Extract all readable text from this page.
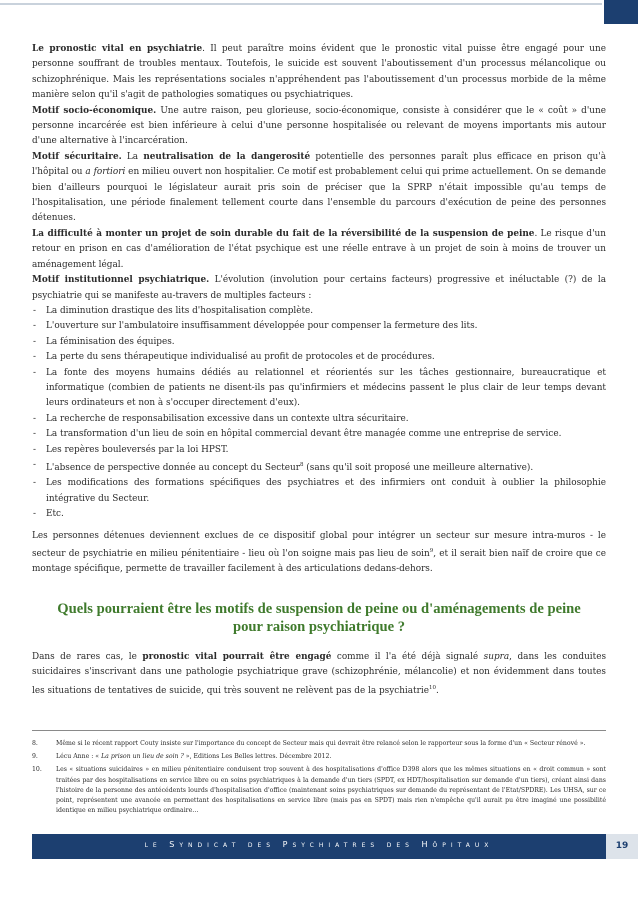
Le pronostic vital en psychiatrie. Il peut paraître moins évident que le pronostic vital puisse être engagé pour une personne souffrant de troubles mentaux. Toutefois, le suicide est souvent l'aboutissement d'un processus mélancolique ou schizophrénique. Mais les représentations sociales n'appréhendent pas l'aboutissement d'un processus morbide de la même manière selon qu'il s'agit de pathologies somatiques ou psychiatriques.

Motif socio-économique. Une autre raison, peu glorieuse, socio-économique, consiste à considérer que le « coût » d'une personne incarcérée est bien inférieure à celui d'une personne hospitalisée ou relevant de moyens importants mis autour d'une alternative à l'incarcération.

Motif sécuritaire. La neutralisation de la dangerosité potentielle des personnes paraît plus efficace en prison qu'à l'hôpital ou a fortiori en milieu ouvert non hospitalier. Ce motif est probablement celui qui prime actuellement. On se demande bien d'ailleurs pourquoi le législateur aurait pris soin de préciser que la SPRP n'était impossible qu'au temps de l'hospitalisation, une période finalement tellement courte dans l'ensemble du parcours d'exécution de peine des personnes détenues.

La difficulté à monter un projet de soin durable du fait de la réversibilité de la suspension de peine. Le risque d'un retour en prison en cas d'amélioration de l'état psychique est une réelle entrave à un projet de soin à moins de trouver un aménagement légal.

Motif institutionnel psychiatrique. L'évolution (involution pour certains facteurs) progressive et inéluctable (?) de la psychiatrie qui se manifeste au-travers de multiples facteurs :

- La diminution drastique des lits d'hospitalisation complète.
- L'ouverture sur l'ambulatoire insuffisamment développée pour compenser la fermeture des lits.
- La féminisation des équipes.
- La perte du sens thérapeutique individualisé au profit de protocoles et de procédures.
- La fonte des moyens humains dédiés au relationnel et réorientés sur les tâches gestionnaire, bureaucratique et informatique (combien de patients ne disent-ils pas qu'infirmiers et médecins passent le plus clair de leur temps devant leurs ordinateurs et non à s'occuper directement d'eux).
- La recherche de responsabilisation excessive dans un contexte ultra sécuritaire.
- La transformation d'un lieu de soin en hôpital commercial devant être managée comme une entreprise de service.
- Les repères bouleversés par la loi HPST.
- L'absence de perspective donnée au concept du Secteur$^8$ (sans qu'il soit proposé une meilleure alternative).
- Les modifications des formations spécifiques des psychiatres et des infirmiers ont conduit à oublier la philosophie intégrative du Secteur.
- Etc.

Les personnes détenues deviennent exclues de ce dispositif global pour intégrer un secteur sur mesure intra-muros - le secteur de psychiatrie en milieu pénitentiaire - lieu où l'on soigne mais pas lieu de soin$^9$, et il serait bien naïf de croire que ce montage spécifique, permette de travailler facilement à des articulations dedans-dehors.

Quels pourraient être les motifs de suspension de peine ou d'aménagements de peine pour raison psychiatrique ?

Dans de rares cas, le pronostic vital pourrait être engagé comme il l'a été déjà signalé supra, dans les conduites suicidaires s'inscrivant dans une pathologie psychiatrique grave (schizophrénie, mélancolie) et non évidemment dans toutes les situations de tentatives de suicide, qui très souvent ne relèvent pas de la psychiatrie$^{10}$.

8.	Même si le récent rapport Couty insiste sur l'importance du concept de Secteur mais qui devrait être relancé selon le rapporteur sous la forme d'un « Secteur rénové ».
9.	Lécu Anne : « La prison un lieu de soin ? », Editions Les Belles lettres. Décembre 2012.
10. Les « situations suicidaires » en milieu pénitentiaire conduisent trop souvent à des hospitalisations d'office D398 alors que les mêmes situations en « droit commun » sont traitées par des hospitalisations en service libre ou en soins psychiatriques à la demande d'un tiers (SPDT, ex HDT/hospitalisation sur demande d'un tiers), créant ainsi dans l'histoire de la personne des antécédents lourds d'hospitalisation d'office (maintenant soins psychiatriques sur demande du représentant de l'Etat/SPDRE). Les UHSA, sur ce point, représentent une avancée en permettant des hospitalisations en service libre (mais pas en SPDT) mais rien n'empêche qu'il aurait pu être imaginé une possibilité identique en milieu psychiatrique ordinaire…
le Syndicat des Psychiatres des Hôpitaux	19
